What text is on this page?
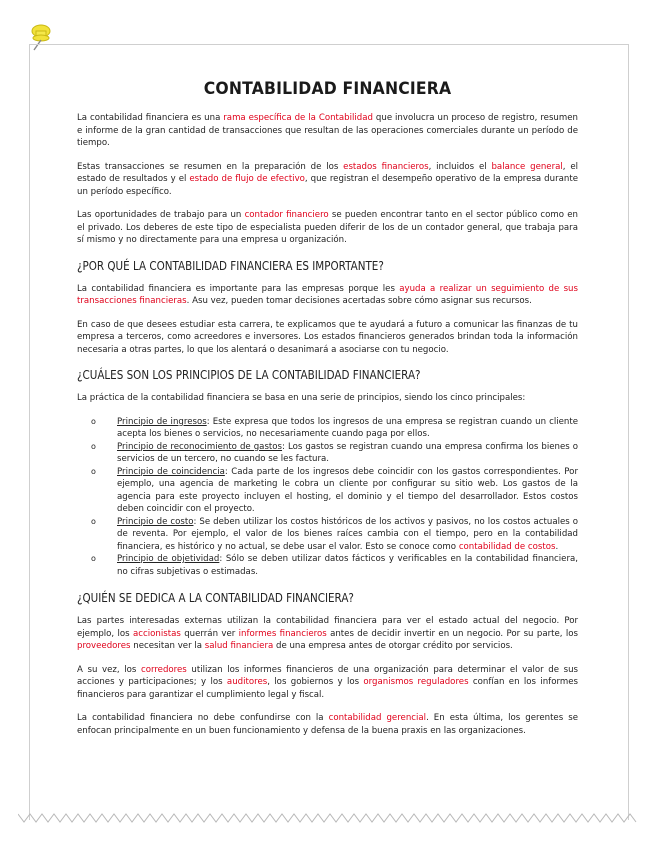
CONTABILIDAD FINANCIERA

La contabilidad financiera es una rama específica de la Contabilidad que involucra un proceso de registro, resumen e informe de la gran cantidad de transacciones que resultan de las operaciones comerciales durante un período de tiempo.

Estas transacciones se resumen en la preparación de los estados financieros, incluidos el balance general, el estado de resultados y el estado de flujo de efectivo, que registran el desempeño operativo de la empresa durante un período específico.

Las oportunidades de trabajo para un contador financiero se pueden encontrar tanto en el sector público como en el privado. Los deberes de este tipo de especialista pueden diferir de los de un contador general, que trabaja para sí mismo y no directamente para una empresa u organización.

¿POR QUÉ LA CONTABILIDAD FINANCIERA ES IMPORTANTE?

La contabilidad financiera es importante para las empresas porque les ayuda a realizar un seguimiento de sus transacciones financieras. Asu vez, pueden tomar decisiones acertadas sobre cómo asignar sus recursos.

En caso de que desees estudiar esta carrera, te explicamos que te ayudará a futuro a comunicar las finanzas de tu empresa a terceros, como acreedores e inversores. Los estados financieros generados brindan toda la información necesaria a otras partes, lo que los alentará o desanimará a asociarse con tu negocio.

¿CUÁLES SON LOS PRINCIPIOS DE LA CONTABILIDAD FINANCIERA?

La práctica de la contabilidad financiera se basa en una serie de principios, siendo los cinco principales:

o Principio de ingresos: Este expresa que todos los ingresos de una empresa se registran cuando un cliente acepta los bienes o servicios, no necesariamente cuando paga por ellos.
o Principio de reconocimiento de gastos: Los gastos se registran cuando una empresa confirma los bienes o servicios de un tercero, no cuando se les factura.
o Principio de coincidencia: Cada parte de los ingresos debe coincidir con los gastos correspondientes. Por ejemplo, una agencia de marketing le cobra un cliente por configurar su sitio web. Los gastos de la agencia para este proyecto incluyen el hosting, el dominio y el tiempo del desarrollador. Estos costos deben coincidir con el proyecto.
o Principio de costo: Se deben utilizar los costos históricos de los activos y pasivos, no los costos actuales o de reventa. Por ejemplo, el valor de los bienes raíces cambia con el tiempo, pero en la contabilidad financiera, es histórico y no actual, se debe usar el valor. Esto se conoce como contabilidad de costos.
o Principio de objetividad: Sólo se deben utilizar datos fácticos y verificables en la contabilidad financiera, no cifras subjetivas o estimadas.
¿QUIÉN SE DEDICA A LA CONTABILIDAD FINANCIERA?

Las partes interesadas externas utilizan la contabilidad financiera para ver el estado actual del negocio. Por ejemplo, los accionistas querrán ver informes financieros antes de decidir invertir en un negocio. Por su parte, los proveedores necesitan ver la salud financiera de una empresa antes de otorgar crédito por servicios.

A su vez, los corredores utilizan los informes financieros de una organización para determinar el valor de sus acciones y participaciones; y los auditores, los gobiernos y los organismos reguladores confían en los informes financieros para garantizar el cumplimiento legal y fiscal.

La contabilidad financiera no debe confundirse con la contabilidad gerencial. En esta última, los gerentes se enfocan principalmente en un buen funcionamiento y defensa de la buena praxis en las organizaciones.
